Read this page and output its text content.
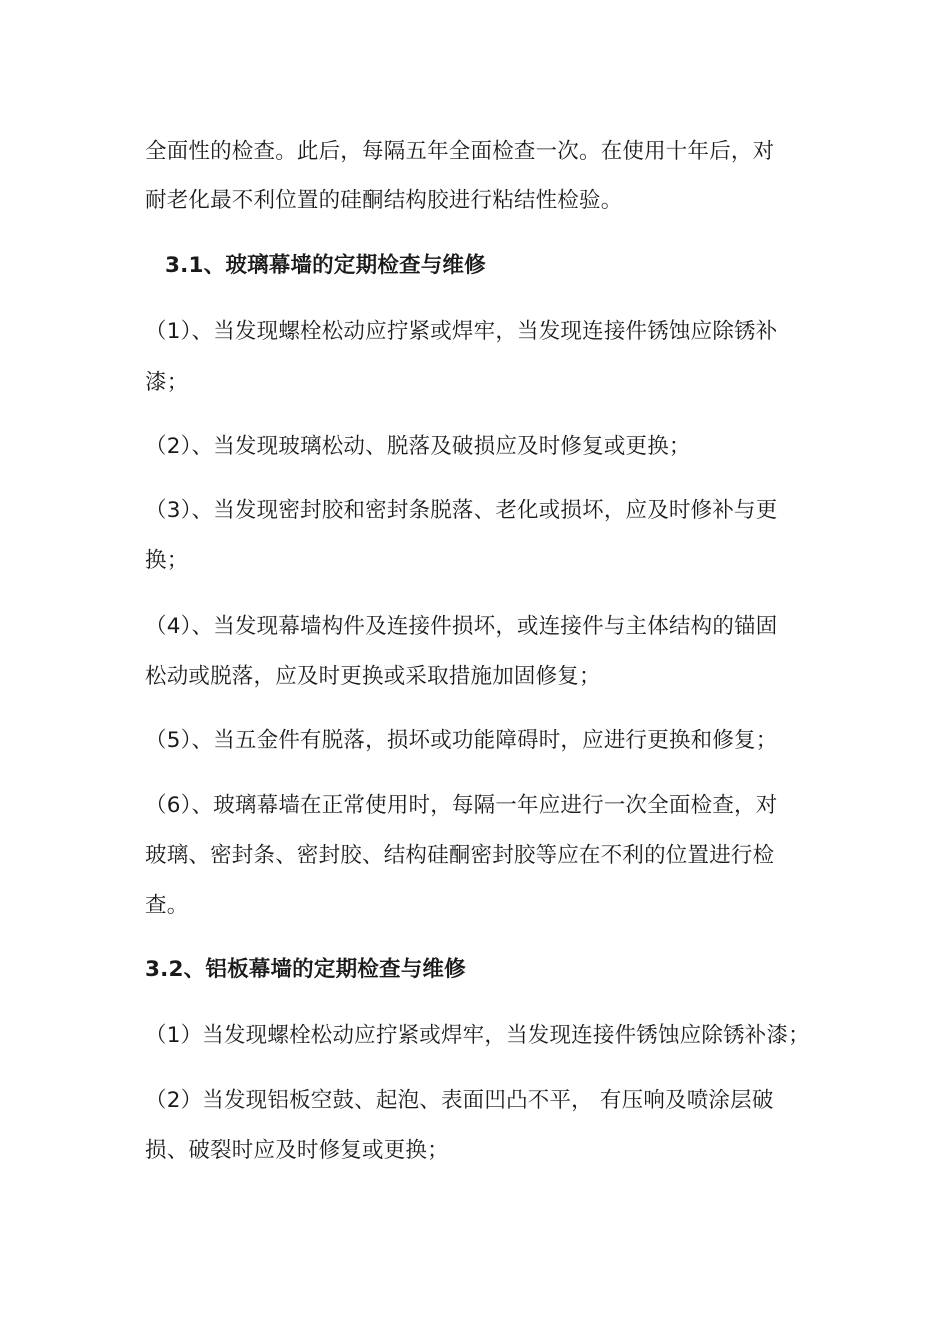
全面性的检查。此后，每隔五年全面检查一次。在使用十年后，对
耐老化最不利位置的硅酮结构胶进行粘结性检验。
3.1、玻璃幕墙的定期检查与维修
（1）、当发现螺栓松动应拧紧或焊牢，当发现连接件锈蚀应除锈补
漆；
（2）、当发现玻璃松动、脱落及破损应及时修复或更换；
（3）、当发现密封胶和密封条脱落、老化或损坏，应及时修补与更
换；
（4）、当发现幕墙构件及连接件损坏，或连接件与主体结构的锚固
松动或脱落，应及时更换或采取措施加固修复；
（5）、当五金件有脱落，损坏或功能障碍时，应进行更换和修复；
（6）、玻璃幕墙在正常使用时，每隔一年应进行一次全面检查，对
玻璃、密封条、密封胶、结构硅酮密封胶等应在不利的位置进行检
查。
3.2、铝板幕墙的定期检查与维修
（1）当发现螺栓松动应拧紧或焊牢，当发现连接件锈蚀应除锈补漆；
（2）当发现铝板空鼓、起泡、表面凹凸不平， 有压响及喷涂层破
损、破裂时应及时修复或更换；
